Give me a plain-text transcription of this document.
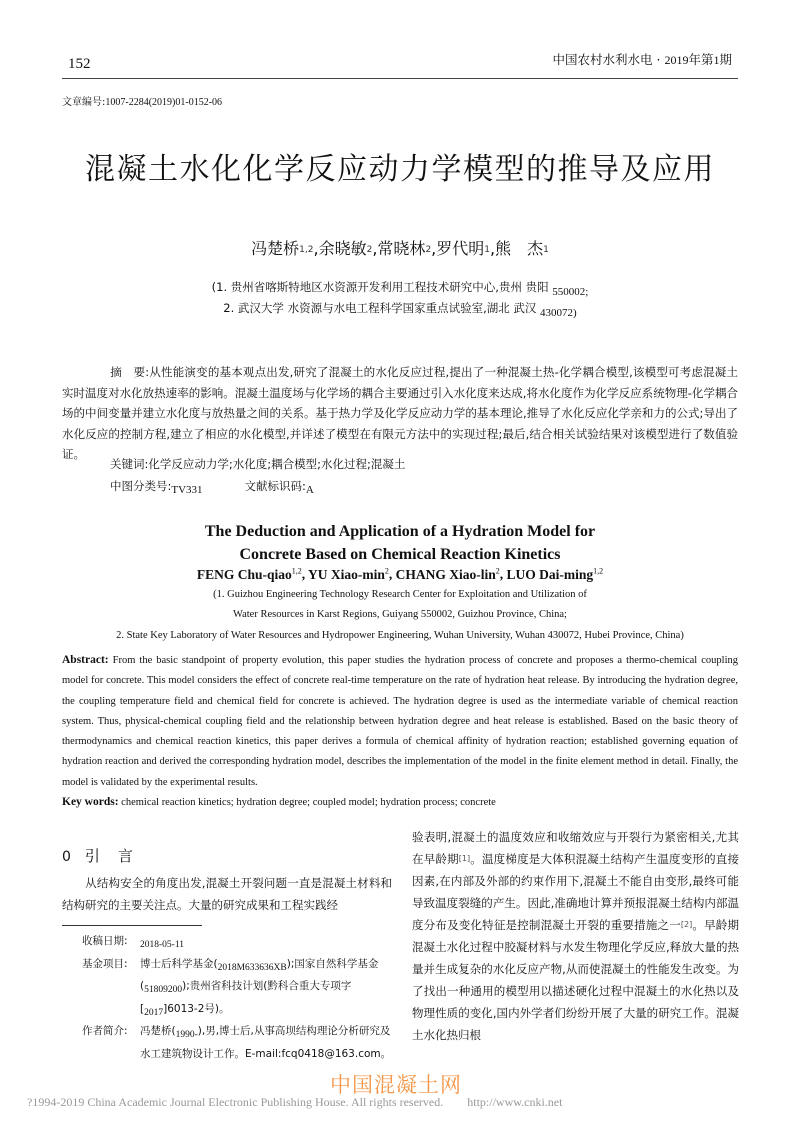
152	中国农村水利水电 · 2019年第1期
文章编号:1007-2284(2019)01-0152-06
混凝土水化化学反应动力学模型的推导及应用
冯楚桥$^{1,2}$,余晓敏$^2$,常晓林$^2$,罗代明$^1$,熊　杰$^1$
(1. 贵州省喀斯特地区水资源开发利用工程技术研究中心,贵州 贵阳 550002;
2. 武汉大学 水资源与水电工程科学国家重点试验室,湖北 武汉 430072)
摘　要:从性能演变的基本观点出发,研究了混凝土的水化反应过程,提出了一种混凝土热-化学耦合模型,该模型可考虑混凝土实时温度对水化放热速率的影响。混凝土温度场与化学场的耦合主要通过引入水化度来达成,将水化度作为化学反应系统物理-化学耦合场的中间变量并建立水化度与放热量之间的关系。基于热力学及化学反应动力学的基本理论,推导了水化反应化学亲和力的公式;导出了水化反应的控制方程,建立了相应的水化模型,并详述了模型在有限元方法中的实现过程;最后,结合相关试验结果对该模型进行了数值验证。
关键词:化学反应动力学;水化度;耦合模型;水化过程;混凝土
中图分类号:TV331	文献标识码:A
The Deduction and Application of a Hydration Model for
Concrete Based on Chemical Reaction Kinetics
FENG Chu-qiao$^{1,2}$, YU Xiao-$\min^2$, CHANG Xiao-lin$^2$, LUO Dai-ming$^{1,2}$
(1. Guizhou Engineering Technology Research Center for Exploitation and Utilization of
Water Resources in Karst Regions, Guiyang 550002, Guizhou Province, China;
2. State Key Laboratory of Water Resources and Hydropower Engineering, Wuhan University, Wuhan 430072, Hubei Province, China)
Abstract: From the basic standpoint of property evolution, this paper studies the hydration process of concrete and proposes a thermo-chemical coupling model for concrete. This model considers the effect of concrete real-time temperature on the rate of hydration heat release. By introducing the hydration degree, the coupling temperature field and chemical field for concrete is achieved. The hydration degree is used as the intermediate variable of chemical reaction system. Thus, physical-chemical coupling field and the relationship between hydration degree and heat release is established. Based on the basic theory of thermodynamics and chemical reaction kinetics, this paper derives a formula of chemical affinity of hydration reaction; established governing equation of hydration reaction and derived the corresponding hydration model, describes the implementation of the model in the finite element method in detail. Finally, the model is validated by the experimental results.
Key words: chemical reaction kinetics; hydration degree; coupled model; hydration process; concrete
0 引言
从结构安全的角度出发,混凝土开裂问题一直是混凝土材料和结构研究的主要关注点。大量的研究成果和工程实践经
收稿日期:	2018-05-11
基金项目:	博士后科学基金(2018M633636XB);国家自然科学基金(51809200);贵州省科技计划(黔科合重大专项字[2017]6013-2号)。
作者简介:	冯楚桥(1990-),男,博士后,从事高坝结构理论分析研究及水工建筑物设计工作。E-mail:fcq0418@163.com。
验表明,混凝土的温度效应和收缩效应与开裂行为紧密相关,尤其在早龄期[1]。温度梯度是大体积混凝土结构产生温度变形的直接因素,在内部及外部的约束作用下,混凝土不能自由变形,最终可能导致温度裂缝的产生。因此,准确地计算并预报混凝土结构内部温度分布及变化特征是控制混凝土开裂的重要措施之一[2]。早龄期混凝土水化过程中胶凝材料与水发生物理化学反应,释放大量的热量并生成复杂的水化反应产物,从而使混凝土的性能发生改变。为了找出一种通用的模型用以描述硬化过程中混凝土的水化热以及物理性质的变化,国内外学者们纷纷开展了大量的研究工作。混凝土水化热归根
?1994-2019 China Academic Journal Electronic Publishing House. All rights reserved.　　http://www.cnki.net
中国混凝土网
